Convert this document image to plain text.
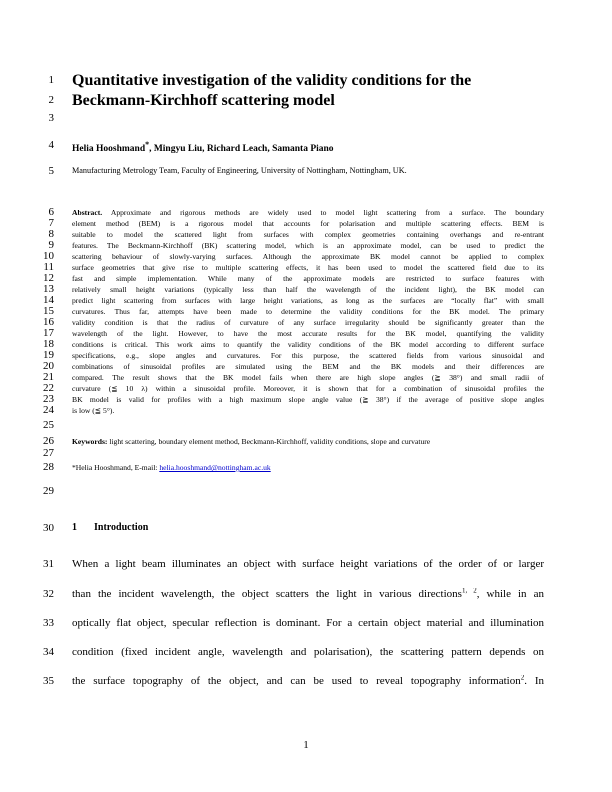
1
2
3
4
5
6
7
8
9
10
11
12
13
14
15
16
17
18
19
20
21
22
23
24
25
26
27
28
29
30
31
32
33
34
35
Quantitative investigation of the validity conditions for the
Beckmann-Kirchhoff scattering model
Helia Hooshmand*, Mingyu Liu, Richard Leach, Samanta Piano
Manufacturing Metrology Team, Faculty of Engineering, University of Nottingham, Nottingham, UK.
Abstract. Approximate and rigorous methods are widely used to model light scattering from a surface. The boundary
element method (BEM) is a rigorous model that accounts for polarisation and multiple scattering effects. BEM is
suitable to model the scattered light from surfaces with complex geometries containing overhangs and re-entrant
features. The Beckmann-Kirchhoff (BK) scattering model, which is an approximate model, can be used to predict the
scattering behaviour of slowly-varying surfaces. Although the approximate BK model cannot be applied to complex
surface geometries that give rise to multiple scattering effects, it has been used to model the scattered field due to its
fast and simple implementation. While many of the approximate models are restricted to surface features with
relatively small height variations (typically less than half the wavelength of the incident light), the BK model can
predict light scattering from surfaces with large height variations, as long as the surfaces are “locally flat” with small
curvatures. Thus far, attempts have been made to determine the validity conditions for the BK model. The primary
validity condition is that the radius of curvature of any surface irregularity should be significantly greater than the
wavelength of the light. However, to have the most accurate results for the BK model, quantifying the validity
conditions is critical. This work aims to quantify the validity conditions of the BK model according to different surface
specifications, e.g., slope angles and curvatures. For this purpose, the scattered fields from various sinusoidal and
combinations of sinusoidal profiles are simulated using the BEM and the BK models and their differences are
compared. The result shows that the BK model fails when there are high slope angles (≧ 38°) and small radii of
curvature (≦ 10 λ) within a sinusoidal profile. Moreover, it is shown that for a combination of sinusoidal profiles the
BK model is valid for profiles with a high maximum slope angle value (≧ 38°) if the average of positive slope angles
is low (≦ 5°).
Keywords: light scattering, boundary element method, Beckmann-Kirchhoff, validity conditions, slope and curvature
*Helia Hooshmand, E-mail: helia.hooshmand@nottingham.ac.uk
1 Introduction
When a light beam illuminates an object with surface height variations of the order of or larger
than the incident wavelength, the object scatters the light in various directions$^{1, 2}$, while in an
optically flat object, specular reflection is dominant. For a certain object material and illumination
condition (fixed incident angle, wavelength and polarisation), the scattering pattern depends on
the surface topography of the object, and can be used to reveal topography information$^2$. In
1
